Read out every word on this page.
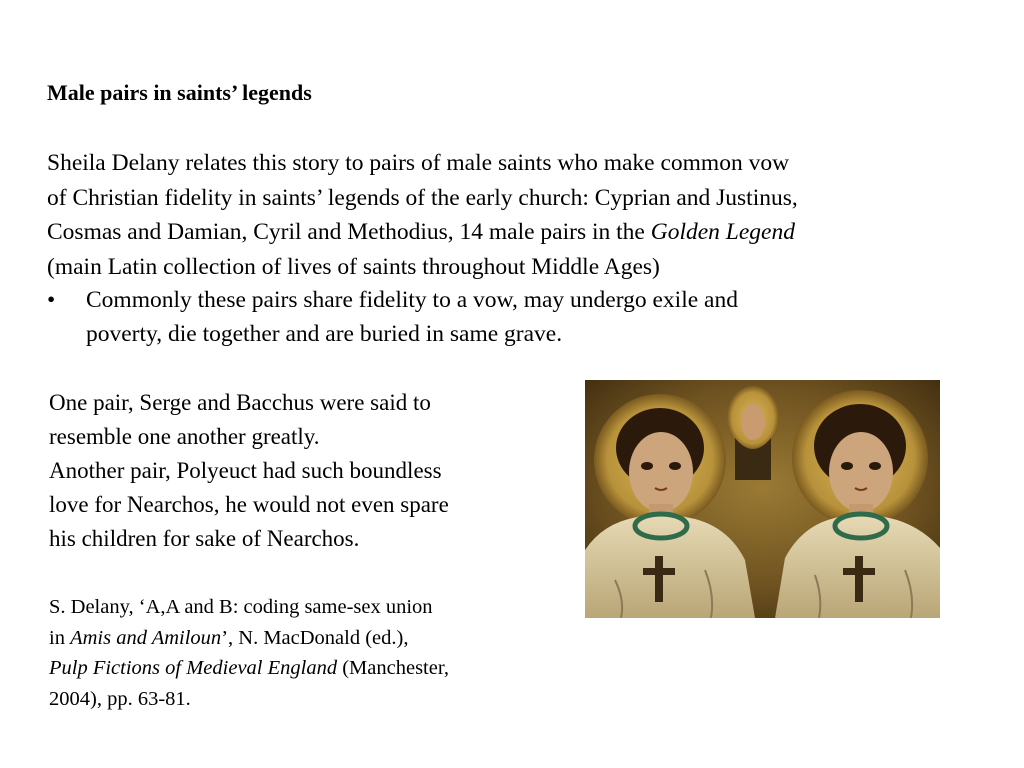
Male pairs in saints’ legends
Sheila Delany relates this story to pairs of male saints who make common vow
of Christian fidelity in saints’ legends of the early church: Cyprian and Justinus,
Cosmas and Damian, Cyril and Methodius, 14 male pairs in the Golden Legend
(main Latin collection of lives of saints throughout Middle Ages)
• Commonly these pairs share fidelity to a vow, may undergo exile and
poverty, die together and are buried in same grave.
One pair, Serge and Bacchus were said to
resemble one another greatly.
Another pair, Polyeuct had such boundless
love for Nearchos, he would not even spare
his children for sake of Nearchos.
S. Delany, ‘A,A and B: coding same-sex union
in Amis and Amiloun’, N. MacDonald (ed.),
Pulp Fictions of Medieval England (Manchester,
2004), pp. 63-81.
